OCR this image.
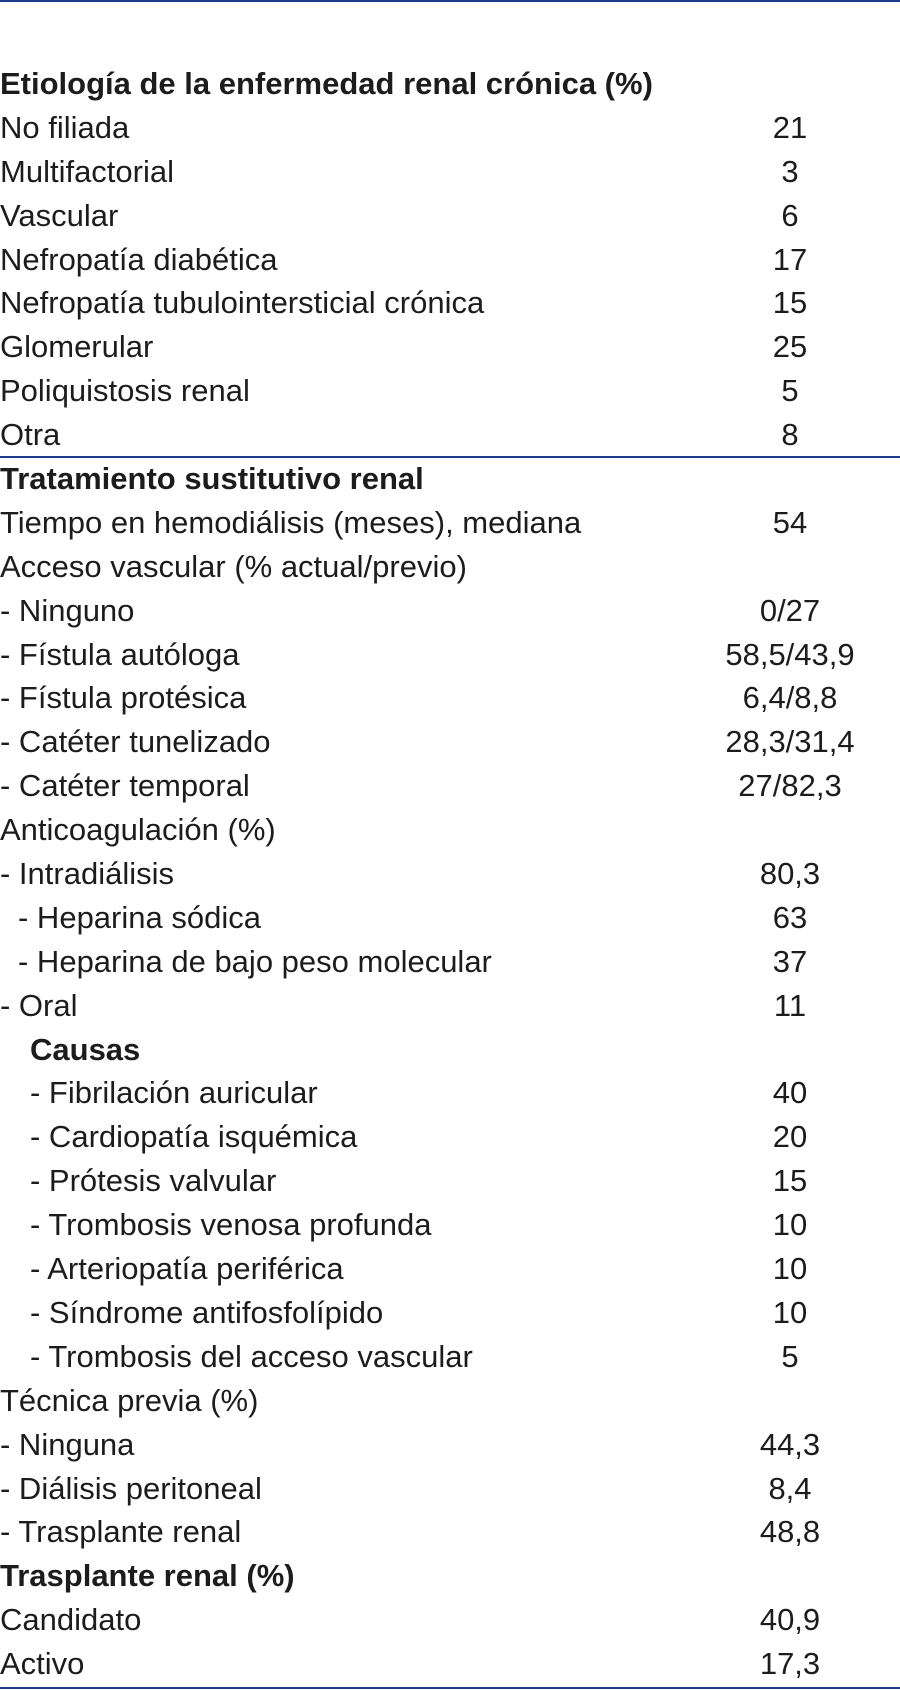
Etiología de la enfermedad renal crónica (%)
No filiada	21
Multifactorial	3
Vascular	6
Nefropatía diabética	17
Nefropatía tubulointersticial crónica	15
Glomerular	25
Poliquistosis renal	5
Otra	8
Tratamiento sustitutivo renal
Tiempo en hemodiálisis (meses), mediana	54
Acceso vascular (% actual/previo)
- Ninguno	0/27
- Fístula autóloga	58,5/43,9
- Fístula protésica	6,4/8,8
- Catéter tunelizado	28,3/31,4
- Catéter temporal	27/82,3
Anticoagulación (%)
- Intradiálisis	80,3
- Heparina sódica	63
- Heparina de bajo peso molecular	37
- Oral	11
Causas
- Fibrilación auricular	40
- Cardiopatía isquémica	20
- Prótesis valvular	15
- Trombosis venosa profunda	10
- Arteriopatía periférica	10
- Síndrome antifosfolípido	10
- Trombosis del acceso vascular	5
Técnica previa (%)
- Ninguna	44,3
- Diálisis peritoneal	8,4
- Trasplante renal	48,8
Trasplante renal (%)
Candidato	40,9
Activo	17,3
